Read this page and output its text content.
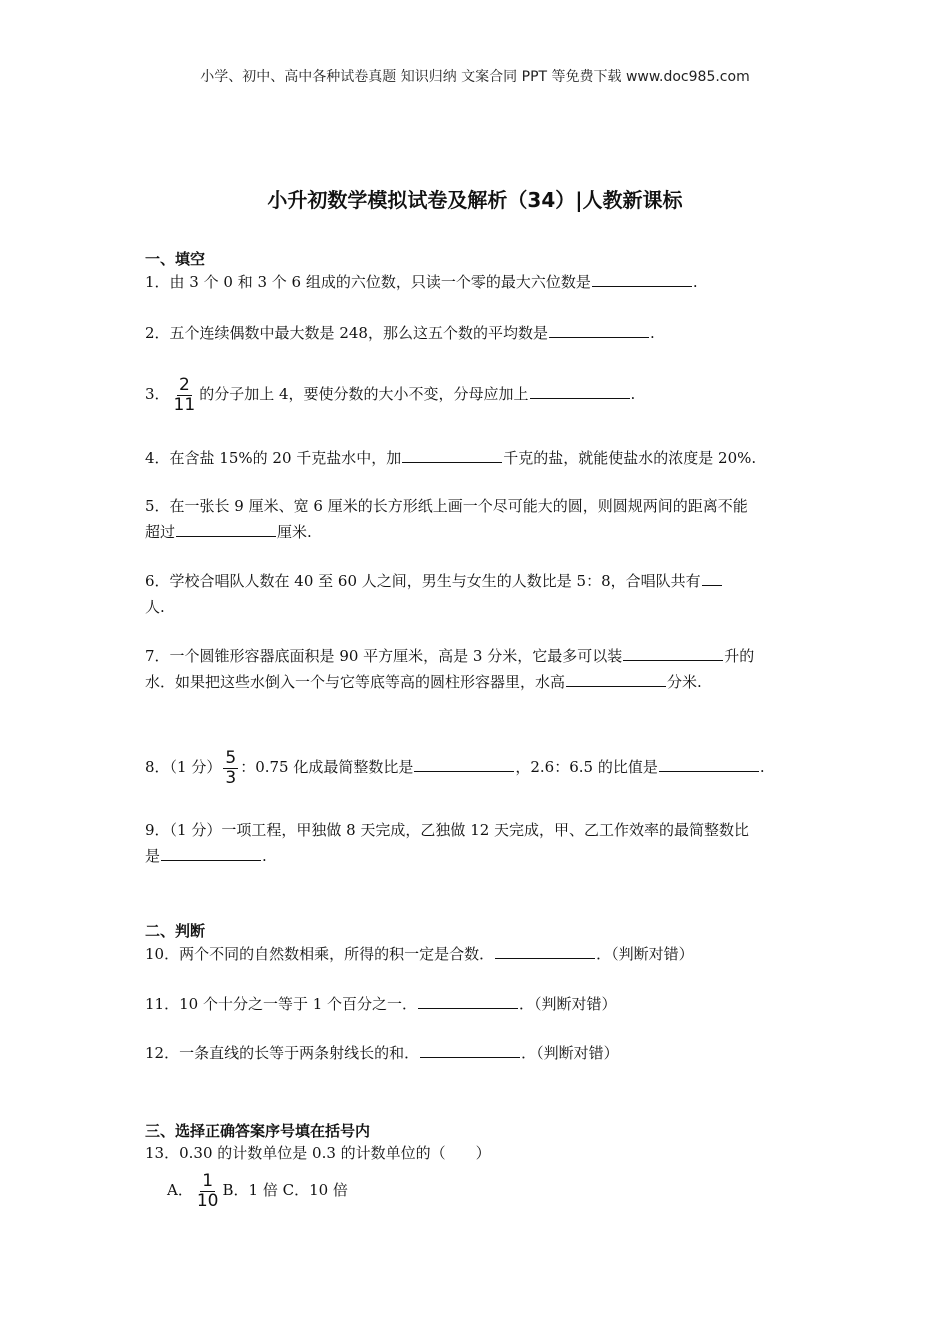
小学、初中、高中各种试卷真题 知识归纳 文案合同 PPT 等免费下载 www.doc985.com
小升初数学模拟试卷及解析（34）|人教新课标
一、填空
1．由 3 个 0 和 3 个 6 组成的六位数，只读一个零的最大六位数是	.
2．五个连续偶数中最大数是 248，那么这五个数的平均数是	.
3． $\frac{2}{11}$ 的分子加上 4，要使分数的大小不变，分母应加上	.
4．在含盐 15%的 20 千克盐水中，加	千克的盐，就能使盐水的浓度是 20%.
5．在一张长 9 厘米、宽 6 厘米的长方形纸上画一个尽可能大的圆，则圆规两间的距离不能
超过	厘米.
6．学校合唱队人数在 40 至 60 人之间，男生与女生的人数比是 5：8，合唱队共有
人.
7．一个圆锥形容器底面积是 90 平方厘米，高是 3 分米，它最多可以装	升的
水．如果把这些水倒入一个与它等底等高的圆柱形容器里，水高	分米.
8．（1 分） $\frac{5}{3}$ ：0.75 化成最简整数比是	，2.6：6.5 的比值是	.
9．（1 分）一项工程，甲独做 8 天完成，乙独做 12 天完成，甲、乙工作效率的最简整数比
是	.
二、判断
10．两个不同的自然数相乘，所得的积一定是合数．	．（判断对错）
11．10 个十分之一等于 1 个百分之一．	．（判断对错）
12．一条直线的长等于两条射线长的和．	．（判断对错）
三、选择正确答案序号填在括号内
13．0.30 的计数单位是 0.3 的计数单位的（　　）
A． $\frac{1}{10}$ B．1 倍 C．10 倍
